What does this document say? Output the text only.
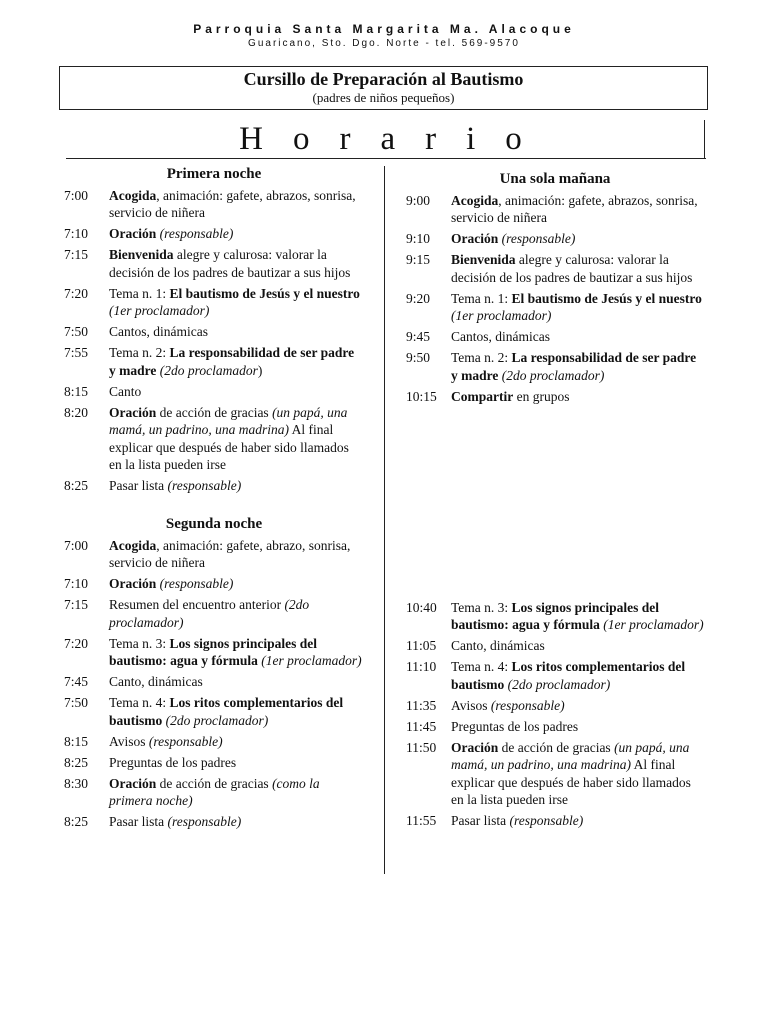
Parroquia Santa Margarita Ma. Alacoque
Guaricano, Sto. Dgo. Norte - tel. 569-9570
Cursillo de Preparación al Bautismo
(padres de niños pequeños)
Horario
Primera noche
7:00	Acogida, animación: gafete, abrazos, sonrisa, servicio de niñera
7:10	Oración (responsable)
7:15	Bienvenida alegre y calurosa: valorar la decisión de los padres de bautizar a sus hijos
7:20	Tema n. 1: El bautismo de Jesús y el nuestro (1er proclamador)
7:50	Cantos, dinámicas
7:55	Tema n. 2: La responsabilidad de ser padre y madre (2do proclamador)
8:15	Canto
8:20	Oración de acción de gracias (un papá, una mamá, un padrino, una madrina) Al final explicar que después de haber sido llamados en la lista pueden irse
8:25	Pasar lista (responsable)
Segunda noche
7:00	Acogida, animación: gafete, abrazo, sonrisa, servicio de niñera
7:10	Oración (responsable)
7:15	Resumen del encuentro anterior (2do proclamador)
7:20	Tema n. 3: Los signos principales del bautismo: agua y fórmula (1er proclamador)
7:45	Canto, dinámicas
7:50	Tema n. 4: Los ritos complementarios del bautismo (2do proclamador)
8:15	Avisos (responsable)
8:25	Preguntas de los padres
8:30	Oración de acción de gracias (como la primera noche)
8:25	Pasar lista (responsable)
Una sola mañana
9:00	Acogida, animación: gafete, abrazos, sonrisa, servicio de niñera
9:10	Oración (responsable)
9:15	Bienvenida alegre y calurosa: valorar la decisión de los padres de bautizar a sus hijos
9:20	Tema n. 1: El bautismo de Jesús y el nuestro (1er proclamador)
9:45	Cantos, dinámicas
9:50	Tema n. 2: La responsabilidad de ser padre y madre (2do proclamador)
10:15	Compartir en grupos
10:40	Tema n. 3: Los signos principales del bautismo: agua y fórmula (1er proclamador)
11:05	Canto, dinámicas
11:10	Tema n. 4: Los ritos complementarios del bautismo (2do proclamador)
11:35	Avisos (responsable)
11:45	Preguntas de los padres
11:50	Oración de acción de gracias (un papá, una mamá, un padrino, una madrina) Al final explicar que después de haber sido llamados en la lista pueden irse
11:55	Pasar lista (responsable)
